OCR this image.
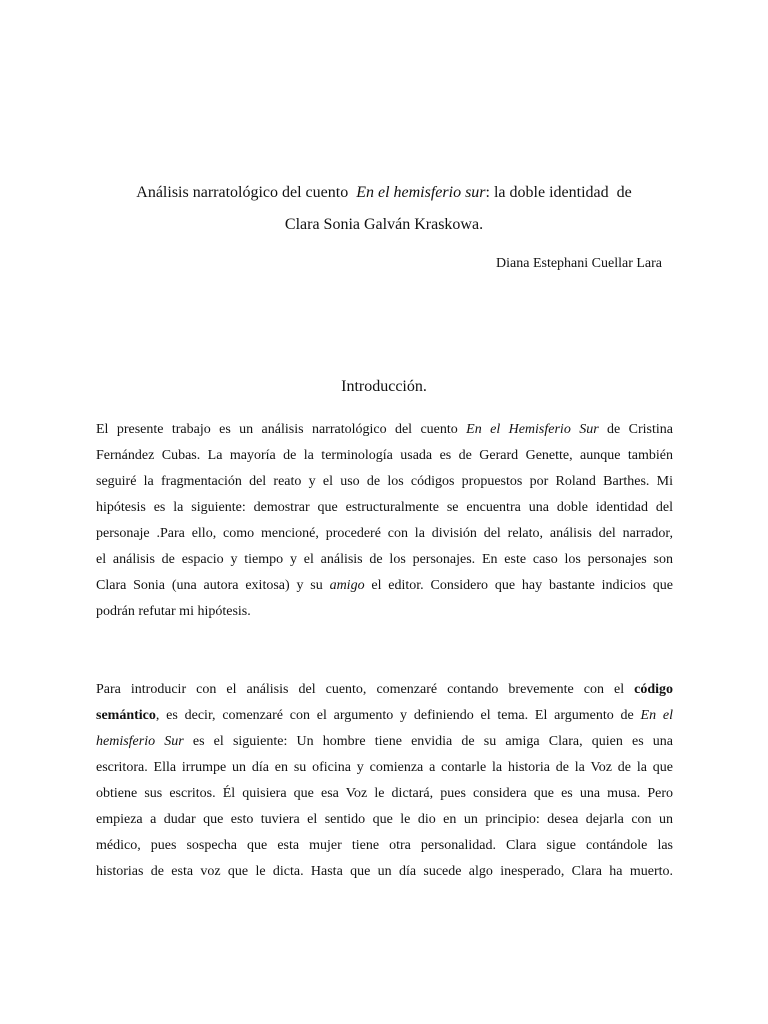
Análisis narratológico del cuento  En el hemisferio sur: la doble identidad  de
Clara Sonia Galván Kraskowa.
Diana Estephani Cuellar Lara
Introducción.
El presente trabajo es un análisis narratológico del cuento En el Hemisferio Sur de Cristina
Fernández Cubas. La mayoría de la terminología usada es de Gerard Genette, aunque también
seguiré la fragmentación del reato y el uso de los códigos propuestos por Roland Barthes. Mi
hipótesis es la siguiente: demostrar que estructuralmente se encuentra una doble identidad del
personaje .Para ello, como mencioné, procederé con la división del relato, análisis del narrador,
el análisis de espacio y tiempo y el análisis de los personajes. En este caso los personajes son
Clara Sonia (una autora exitosa) y su amigo el editor. Considero que hay bastante indicios que
podrán refutar mi hipótesis.
Para introducir con el análisis del cuento, comenzaré contando brevemente con el código
semántico, es decir, comenzaré con el argumento y definiendo el tema. El argumento de En el
hemisferio Sur es el siguiente: Un hombre tiene envidia de su amiga Clara, quien es una
escritora. Ella irrumpe un día en su oficina y comienza a contarle la historia de la Voz de la que
obtiene sus escritos. Él quisiera que esa Voz le dictará, pues considera que es una musa. Pero
empieza a dudar que esto tuviera el sentido que le dio en un principio: desea dejarla con un
médico, pues sospecha que esta mujer tiene otra personalidad. Clara sigue contándole las
historias de esta voz que le dicta. Hasta que un día sucede algo inesperado, Clara ha muerto.
